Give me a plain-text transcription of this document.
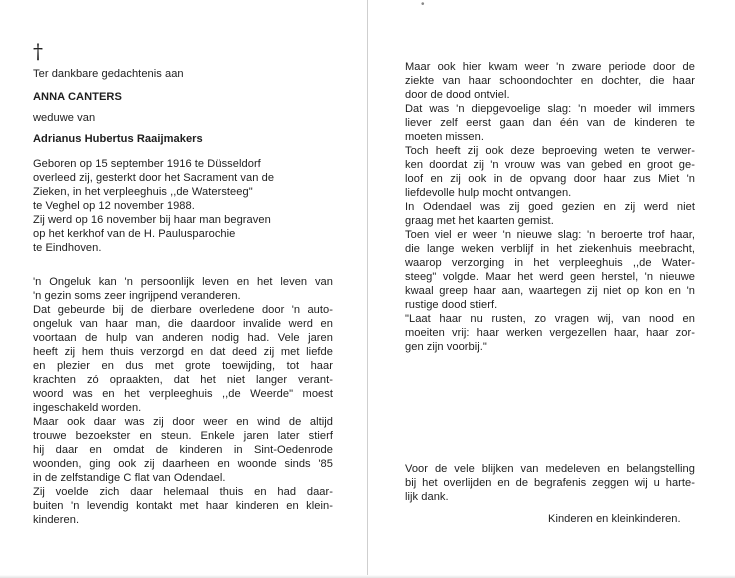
•
†
Ter dankbare gedachtenis aan
ANNA CANTERS
weduwe van
Adrianus Hubertus Raaijmakers
Geboren op 15 september 1916 te Düsseldorf
overleed zij, gesterkt door het Sacrament van de
Zieken, in het verpleeghuis ,,de Watersteeg"
te Veghel op 12 november 1988.
Zij werd op 16 november bij haar man begraven
op het kerkhof van de H. Paulusparochie
te Eindhoven.
'n Ongeluk kan 'n persoonlijk leven en het leven van
'n gezin soms zeer ingrijpend veranderen.
Dat gebeurde bij de dierbare overledene door 'n auto-
ongeluk van haar man, die daardoor invalide werd en
voortaan de hulp van anderen nodig had. Vele jaren
heeft zij hem thuis verzorgd en dat deed zij met liefde
en plezier en dus met grote toewijding, tot haar
krachten zó opraakten, dat het niet langer verant-
woord was en het verpleeghuis ,,de Weerde" moest
ingeschakeld worden.
Maar ook daar was zij door weer en wind de altijd
trouwe bezoekster en steun. Enkele jaren later stierf
hij daar en omdat de kinderen in Sint-Oedenrode
woonden, ging ook zij daarheen en woonde sinds '85
in de zelfstandige C flat van Odendael.
Zij voelde zich daar helemaal thuis en had daar-
buiten 'n levendig kontakt met haar kinderen en klein-
kinderen.
Maar ook hier kwam weer 'n zware periode door de
ziekte van haar schoondochter en dochter, die haar
door de dood ontviel.
Dat was 'n diepgevoelige slag: 'n moeder wil immers
liever zelf eerst gaan dan één van de kinderen te
moeten missen.
Toch heeft zij ook deze beproeving weten te verwer-
ken doordat zij 'n vrouw was van gebed en groot ge-
loof en zij ook in de opvang door haar zus Miet 'n
liefdevolle hulp mocht ontvangen.
In Odendael was zij goed gezien en zij werd niet
graag met het kaarten gemist.
Toen viel er weer 'n nieuwe slag: 'n beroerte trof haar,
die lange weken verblijf in het ziekenhuis meebracht,
waarop verzorging in het verpleeghuis ,,de Water-
steeg" volgde. Maar het werd geen herstel, 'n nieuwe
kwaal greep haar aan, waartegen zij niet op kon en 'n
rustige dood stierf.
"Laat haar nu rusten, zo vragen wij, van nood en
moeiten vrij: haar werken vergezellen haar, haar zor-
gen zijn voorbij."
Voor de vele blijken van medeleven en belangstelling
bij het overlijden en de begrafenis zeggen wij u harte-
lijk dank.
Kinderen en kleinkinderen.
